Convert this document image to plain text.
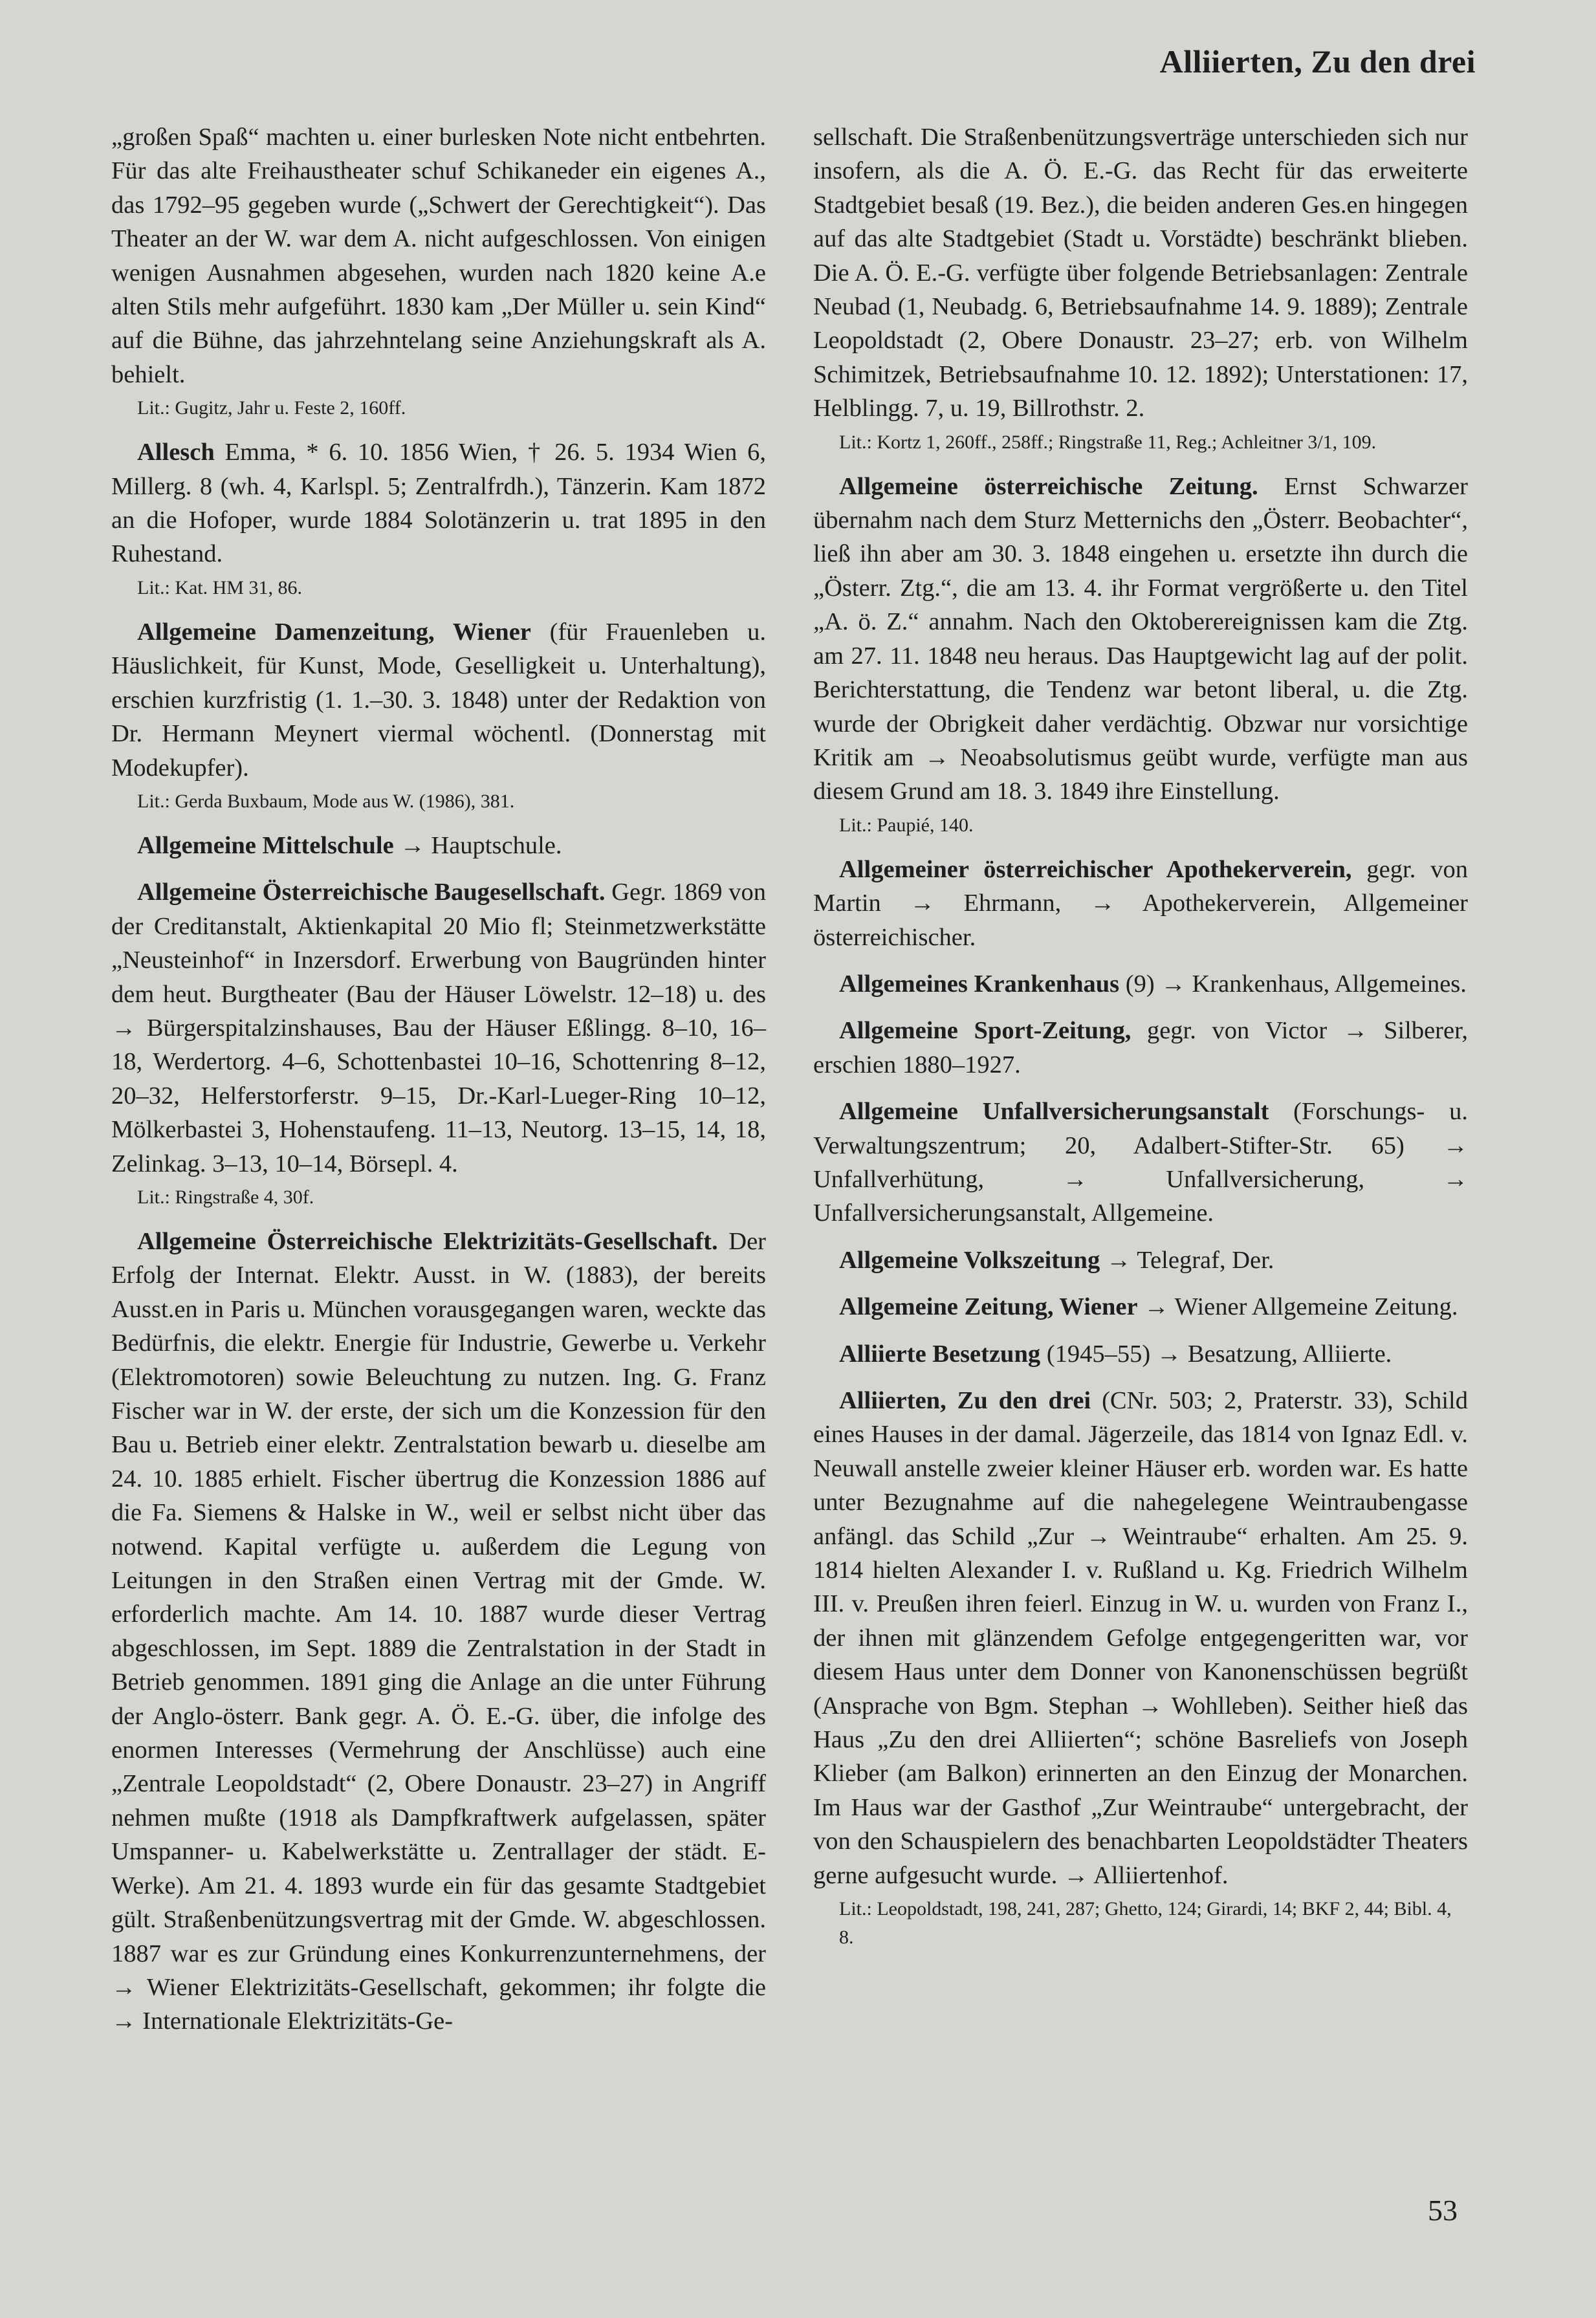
Alliierten, Zu den drei

„großen Spaß“ machten u. einer burlesken Note nicht entbehrten. Für das alte Freihaustheater schuf Schikaneder ein eigenes A., das 1792–95 gegeben wurde („Schwert der Gerechtigkeit“). Das Theater an der W. war dem A. nicht aufgeschlossen. Von einigen wenigen Ausnahmen abgesehen, wurden nach 1820 keine A.e alten Stils mehr aufgeführt. 1830 kam „Der Müller u. sein Kind“ auf die Bühne, das jahrzehntelang seine Anziehungskraft als A. behielt.

Lit.: Gugitz, Jahr u. Feste 2, 160ff.

Allesch Emma, * 6. 10. 1856 Wien, † 26. 5. 1934 Wien 6, Millerg. 8 (wh. 4, Karlspl. 5; Zentralfrdh.), Tänzerin. Kam 1872 an die Hofoper, wurde 1884 Solotänzerin u. trat 1895 in den Ruhestand.

Lit.: Kat. HM 31, 86.

Allgemeine Damenzeitung, Wiener (für Frauenleben u. Häuslichkeit, für Kunst, Mode, Geselligkeit u. Unterhaltung), erschien kurzfristig (1. 1.–30. 3. 1848) unter der Redaktion von Dr. Hermann Meynert viermal wöchentl. (Donnerstag mit Modekupfer).

Lit.: Gerda Buxbaum, Mode aus W. (1986), 381.

Allgemeine Mittelschule → Hauptschule.

Allgemeine Österreichische Baugesellschaft. Gegr. 1869 von der Creditanstalt, Aktienkapital 20 Mio fl; Steinmetzwerkstätte „Neusteinhof“ in Inzersdorf. Erwerbung von Baugründen hinter dem heut. Burgtheater (Bau der Häuser Löwelstr. 12–18) u. des → Bürgerspitalzinshauses, Bau der Häuser Eßlingg. 8–10, 16–18, Werdertorg. 4–6, Schottenbastei 10–16, Schottenring 8–12, 20–32, Helferstorferstr. 9–15, Dr.-Karl-Lueger-Ring 10–12, Mölkerbastei 3, Hohenstaufeng. 11–13, Neutorg. 13–15, 14, 18, Zelinkag. 3–13, 10–14, Börsepl. 4.

Lit.: Ringstraße 4, 30f.

Allgemeine Österreichische Elektrizitäts-Gesellschaft. Der Erfolg der Internat. Elektr. Ausst. in W. (1883), der bereits Ausst.en in Paris u. München vorausgegangen waren, weckte das Bedürfnis, die elektr. Energie für Industrie, Gewerbe u. Verkehr (Elektromotoren) sowie Beleuchtung zu nutzen. Ing. G. Franz Fischer war in W. der erste, der sich um die Konzession für den Bau u. Betrieb einer elektr. Zentralstation bewarb u. dieselbe am 24. 10. 1885 erhielt. Fischer übertrug die Konzession 1886 auf die Fa. Siemens & Halske in W., weil er selbst nicht über das notwend. Kapital verfügte u. außerdem die Legung von Leitungen in den Straßen einen Vertrag mit der Gmde. W. erforderlich machte. Am 14. 10. 1887 wurde dieser Vertrag abgeschlossen, im Sept. 1889 die Zentralstation in der Stadt in Betrieb genommen. 1891 ging die Anlage an die unter Führung der Anglo-österr. Bank gegr. A. Ö. E.-G. über, die infolge des enormen Interesses (Vermehrung der Anschlüsse) auch eine „Zentrale Leopoldstadt“ (2, Obere Donaustr. 23–27) in Angriff nehmen mußte (1918 als Dampfkraftwerk aufgelassen, später Umspanner- u. Kabelwerkstätte u. Zentrallager der städt. E-Werke). Am 21. 4. 1893 wurde ein für das gesamte Stadtgebiet gült. Straßenbenützungsvertrag mit der Gmde. W. abgeschlossen. 1887 war es zur Gründung eines Konkurrenzunternehmens, der → Wiener Elektrizitäts-Gesellschaft, gekommen; ihr folgte die → Internationale Elektrizitäts-Ge-

sellschaft. Die Straßenbenützungsverträge unterschieden sich nur insofern, als die A. Ö. E.-G. das Recht für das erweiterte Stadtgebiet besaß (19. Bez.), die beiden anderen Ges.en hingegen auf das alte Stadtgebiet (Stadt u. Vorstädte) beschränkt blieben. Die A. Ö. E.-G. verfügte über folgende Betriebsanlagen: Zentrale Neubad (1, Neubadg. 6, Betriebsaufnahme 14. 9. 1889); Zentrale Leopoldstadt (2, Obere Donaustr. 23–27; erb. von Wilhelm Schimitzek, Betriebsaufnahme 10. 12. 1892); Unterstationen: 17, Helblingg. 7, u. 19, Billrothstr. 2.

Lit.: Kortz 1, 260ff., 258ff.; Ringstraße 11, Reg.; Achleitner 3/1, 109.

Allgemeine österreichische Zeitung. Ernst Schwarzer übernahm nach dem Sturz Metternichs den „Österr. Beobachter“, ließ ihn aber am 30. 3. 1848 eingehen u. ersetzte ihn durch die „Österr. Ztg.“, die am 13. 4. ihr Format vergrößerte u. den Titel „A. ö. Z.“ annahm. Nach den Oktoberereignissen kam die Ztg. am 27. 11. 1848 neu heraus. Das Hauptgewicht lag auf der polit. Berichterstattung, die Tendenz war betont liberal, u. die Ztg. wurde der Obrigkeit daher verdächtig. Obzwar nur vorsichtige Kritik am → Neoabsolutismus geübt wurde, verfügte man aus diesem Grund am 18. 3. 1849 ihre Einstellung.

Lit.: Paupié, 140.

Allgemeiner österreichischer Apothekerverein, gegr. von Martin → Ehrmann, → Apothekerverein, Allgemeiner österreichischer.

Allgemeines Krankenhaus (9) → Krankenhaus, Allgemeines.

Allgemeine Sport-Zeitung, gegr. von Victor → Silberer, erschien 1880–1927.

Allgemeine Unfallversicherungsanstalt (Forschungs- u. Verwaltungszentrum; 20, Adalbert-Stifter-Str. 65) → Unfallverhütung, → Unfallversicherung, → Unfallversicherungsanstalt, Allgemeine.

Allgemeine Volkszeitung → Telegraf, Der.

Allgemeine Zeitung, Wiener → Wiener Allgemeine Zeitung.

Alliierte Besetzung (1945–55) → Besatzung, Alliierte.

Alliierten, Zu den drei (CNr. 503; 2, Praterstr. 33), Schild eines Hauses in der damal. Jägerzeile, das 1814 von Ignaz Edl. v. Neuwall anstelle zweier kleiner Häuser erb. worden war. Es hatte unter Bezugnahme auf die nahegelegene Weintraubengasse anfängl. das Schild „Zur → Weintraube“ erhalten. Am 25. 9. 1814 hielten Alexander I. v. Rußland u. Kg. Friedrich Wilhelm III. v. Preußen ihren feierl. Einzug in W. u. wurden von Franz I., der ihnen mit glänzendem Gefolge entgegengeritten war, vor diesem Haus unter dem Donner von Kanonenschüssen begrüßt (Ansprache von Bgm. Stephan → Wohlleben). Seither hieß das Haus „Zu den drei Alliierten“; schöne Basreliefs von Joseph Klieber (am Balkon) erinnerten an den Einzug der Monarchen. Im Haus war der Gasthof „Zur Weintraube“ untergebracht, der von den Schauspielern des benachbarten Leopoldstädter Theaters gerne aufgesucht wurde. → Alliiertenhof.

Lit.: Leopoldstadt, 198, 241, 287; Ghetto, 124; Girardi, 14; BKF 2, 44; Bibl. 4, 8.
53
